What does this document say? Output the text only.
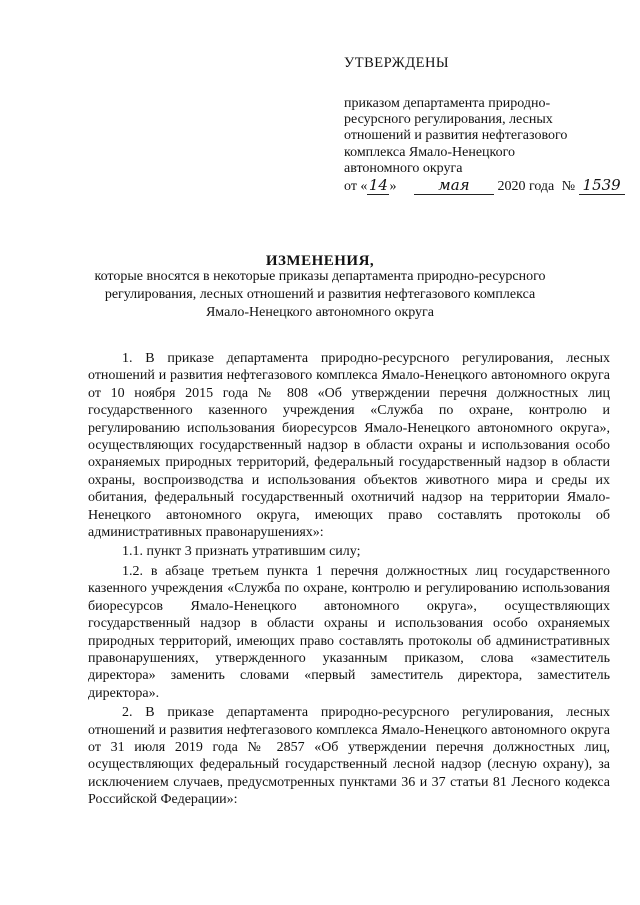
УТВЕРЖДЕНЫ
приказом департамента природно-
ресурсного регулирования, лесных
отношений и развития нефтегазового
комплекса Ямало-Ненецкого
автономного округа
от «14»	мая 2020 года № 1539
ИЗМЕНЕНИЯ,
которые вносятся в некоторые приказы департамента природно-ресурсного регулирования, лесных отношений и развития нефтегазового комплекса Ямало-Ненецкого автономного округа

1. В приказе департамента природно-ресурсного регулирования, лесных отношений и развития нефтегазового комплекса Ямало-Ненецкого автономного округа от 10 ноября 2015 года № 808 «Об утверждении перечня должностных лиц государственного казенного учреждения «Служба по охране, контролю и регулированию использования биоресурсов Ямало-Ненецкого автономного округа», осуществляющих государственный надзор в области охраны и использования особо охраняемых природных территорий, федеральный государственный надзор в области охраны, воспроизводства и использования объектов животного мира и среды их обитания, федеральный государственный охотничий надзор на территории Ямало-Ненецкого автономного округа, имеющих право составлять протоколы об административных правонарушениях»:

1.1. пункт 3 признать утратившим силу;

1.2. в абзаце третьем пункта 1 перечня должностных лиц государственного казенного учреждения «Служба по охране, контролю и регулированию использования биоресурсов Ямало-Ненецкого автономного округа», осуществляющих государственный надзор в области охраны и использования особо охраняемых природных территорий, имеющих право составлять протоколы об административных правонарушениях, утвержденного указанным приказом, слова «заместитель директора» заменить словами «первый заместитель директора, заместитель директора».

2. В приказе департамента природно-ресурсного регулирования, лесных отношений и развития нефтегазового комплекса Ямало-Ненецкого автономного округа от 31 июля 2019 года № 2857 «Об утверждении перечня должностных лиц, осуществляющих федеральный государственный лесной надзор (лесную охрану), за исключением случаев, предусмотренных пунктами 36 и 37 статьи 81 Лесного кодекса Российской Федерации»:
